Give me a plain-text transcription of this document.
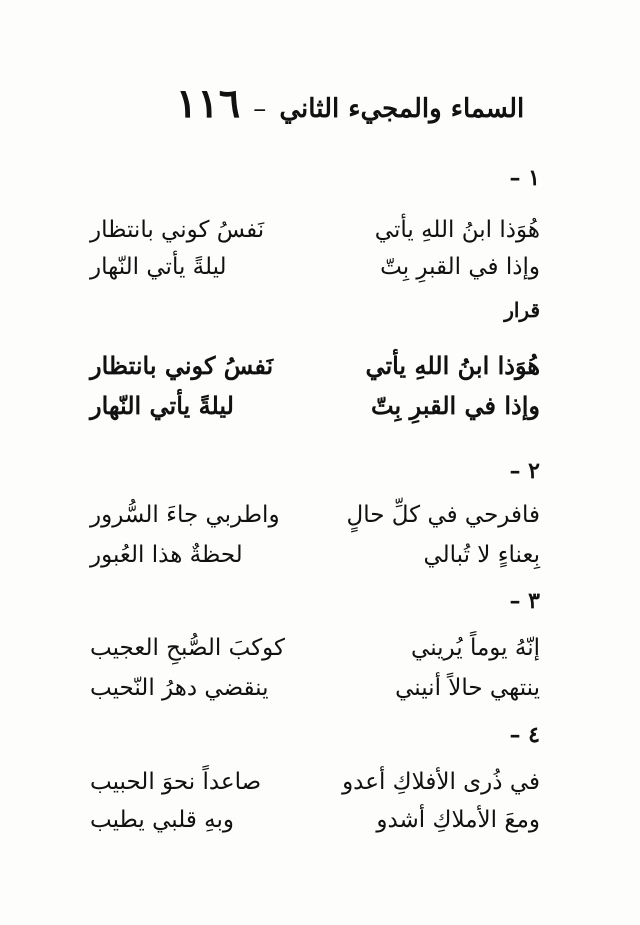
السماء والمجيء الثاني – ١١٦
١ –
هُوَذا ابنُ اللهِ يأتي
نَفسُ كوني بانتظار
وإذا في القبرِ بِتّ
ليلةً يأتي النّهار
قرار
هُوَذا ابنُ اللهِ يأتي
نَفسُ كوني بانتظار
وإذا في القبرِ بِتّ
ليلةً يأتي النّهار
٢ –
فافرحي في كلِّ حالٍ
واطربي جاءَ السُّرور
بِعناءٍ لا تُبالي
لحظةٌ هذا العُبور
٣ –
إنّهُ يوماً يُريني
كوكبَ الصُّبحِ العجيب
ينتهي حالاً أنيني
ينقضي دهرُ النّحيب
٤ –
في ذُرى الأفلاكِ أعدو
صاعداً نحوَ الحبيب
ومعَ الأملاكِ أشدو
وبهِ قلبي يطيب
